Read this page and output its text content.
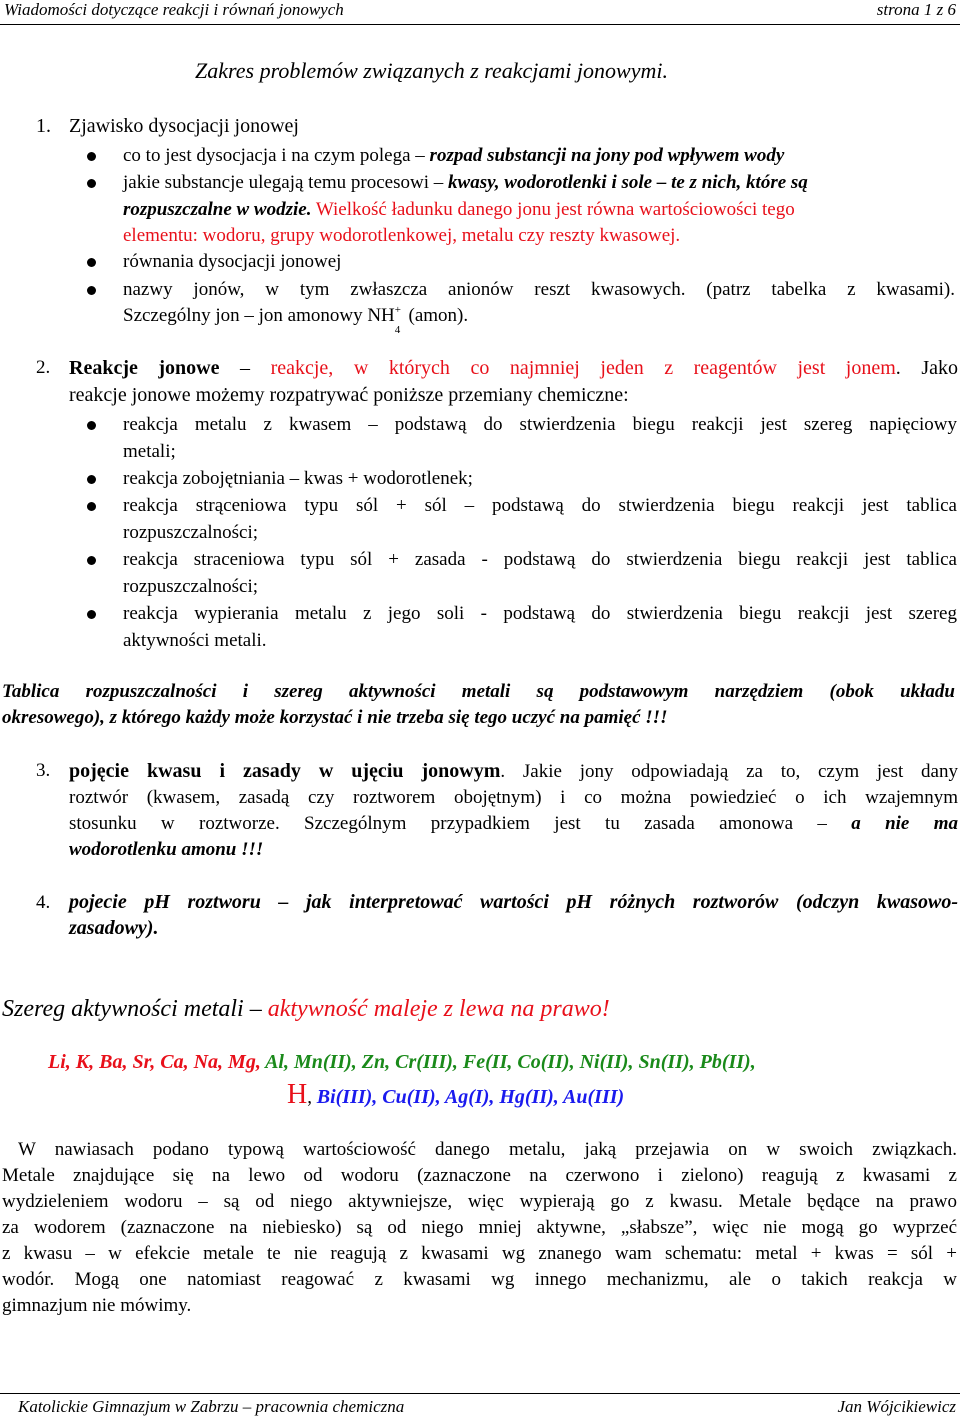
Wiadomości dotyczące reakcji i równań jonowych	strona 1 z 6
Zakres problemów związanych z reakcjami jonowymi.
1. Zjawisko dysocjacji jonowej
co to jest dysocjacja i na czym polega – rozpad substancji na jony pod wpływem wody
jakie substancje ulegają temu procesowi – kwasy, wodorotlenki i sole – te z nich, które są
rozpuszczalne w wodzie. Wielkość ładunku danego jonu jest równa wartościowości tego
elementu: wodoru, grupy wodorotlenkowej, metalu czy reszty kwasowej.
równania dysocjacji jonowej
nazwy jonów, w tym zwłaszcza anionów reszt kwasowych. (patrz tabelka z kwasami).
Szczególny jon – jon amonowy NH +
4
(amon).
2. Reakcje jonowe – reakcje, w których co najmniej jeden z reagentów jest jonem. Jako
reakcje jonowe możemy rozpatrywać poniższe przemiany chemiczne:
reakcja metalu z kwasem – podstawą do stwierdzenia biegu reakcji jest szereg napięciowy
metali;
reakcja zobojętniania – kwas + wodorotlenek;
reakcja strąceniowa typu sól + sól – podstawą do stwierdzenia biegu reakcji jest tablica
rozpuszczalności;
reakcja straceniowa typu sól + zasada - podstawą do stwierdzenia biegu reakcji jest tablica
rozpuszczalności;
reakcja wypierania metalu z jego soli - podstawą do stwierdzenia biegu reakcji jest szereg
aktywności metali.
Tablica rozpuszczalności i szereg aktywności metali są podstawowym narzędziem (obok układu
okresowego), z którego każdy może korzystać i nie trzeba się tego uczyć na pamięć !!!
3. pojęcie kwasu i zasady w ujęciu jonowym. Jakie jony odpowiadają za to, czym jest dany
roztwór (kwasem, zasadą czy roztworem obojętnym) i co można powiedzieć o ich wzajemnym
stosunku w roztworze. Szczególnym przypadkiem jest tu zasada amonowa – a nie ma
wodorotlenku amonu !!!
4. pojecie pH roztworu – jak interpretować wartości pH różnych roztworów (odczyn kwasowo-
zasadowy).
Szereg aktywności metali – aktywność maleje z lewa na prawo!
Li, K, Ba, Sr, Ca, Na, Mg, Al, Mn(II), Zn, Cr(III), Fe(II, Co(II), Ni(II), Sn(II), Pb(II),
H, Bi(III), Cu(II), Ag(I), Hg(II), Au(III)
W nawiasach podano typową wartościowość danego metalu, jaką przejawia on w swoich związkach.
Metale znajdujące się na lewo od wodoru (zaznaczone na czerwono i zielono) reagują z kwasami z
wydzieleniem wodoru – są od niego aktywniejsze, więc wypierają go z kwasu. Metale będące na prawo
za wodorem (zaznaczone na niebiesko) są od niego mniej aktywne, „słabsze”, więc nie mogą go wyprzeć
z kwasu – w efekcie metale te nie reagują z kwasami wg znanego wam schematu: metal + kwas = sól +
wodór. Mogą one natomiast reagować z kwasami wg innego mechanizmu, ale o takich reakcja w
gimnazjum nie mówimy.
Katolickie Gimnazjum w Zabrzu – pracownia chemiczna	Jan Wójcikiewicz
